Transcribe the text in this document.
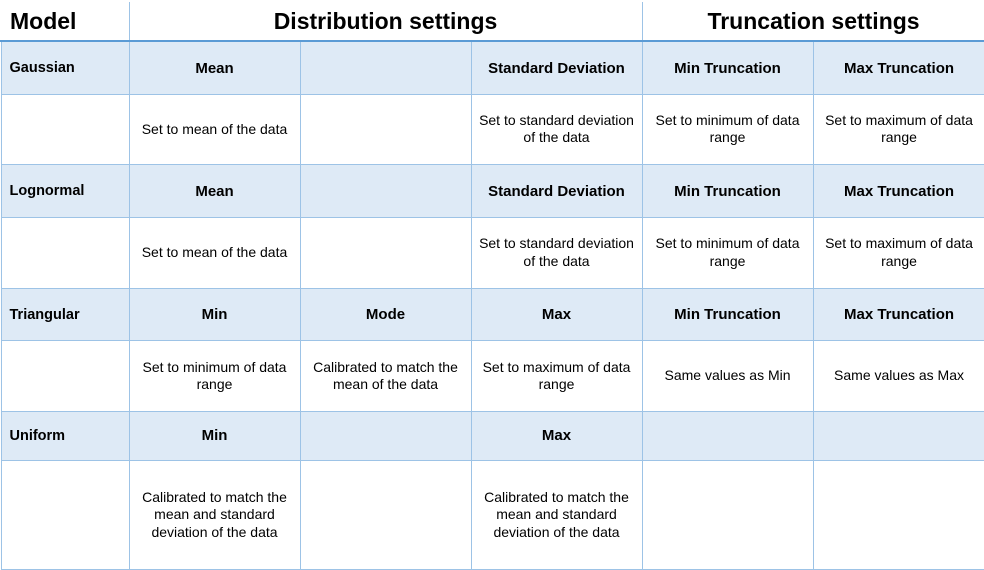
Model	Distribution settings			Truncation settings	
Gaussian	Mean		Standard Deviation	Min Truncation	Max Truncation
	Set to mean of the data		Set to standard deviation of the data	Set to minimum of data range	Set to maximum of data range
Lognormal	Mean		Standard Deviation	Min Truncation	Max Truncation
	Set to mean of the data		Set to standard deviation of the data	Set to minimum of data range	Set to maximum of data range
Triangular	Min	Mode	Max	Min Truncation	Max Truncation
	Set to minimum of data range	Calibrated to match the mean of the data	Set to maximum of data range	Same values as Min	Same values as Max
Uniform	Min		Max		
	Calibrated to match the mean and standard deviation of the data		Calibrated to match the mean and standard deviation of the data		
